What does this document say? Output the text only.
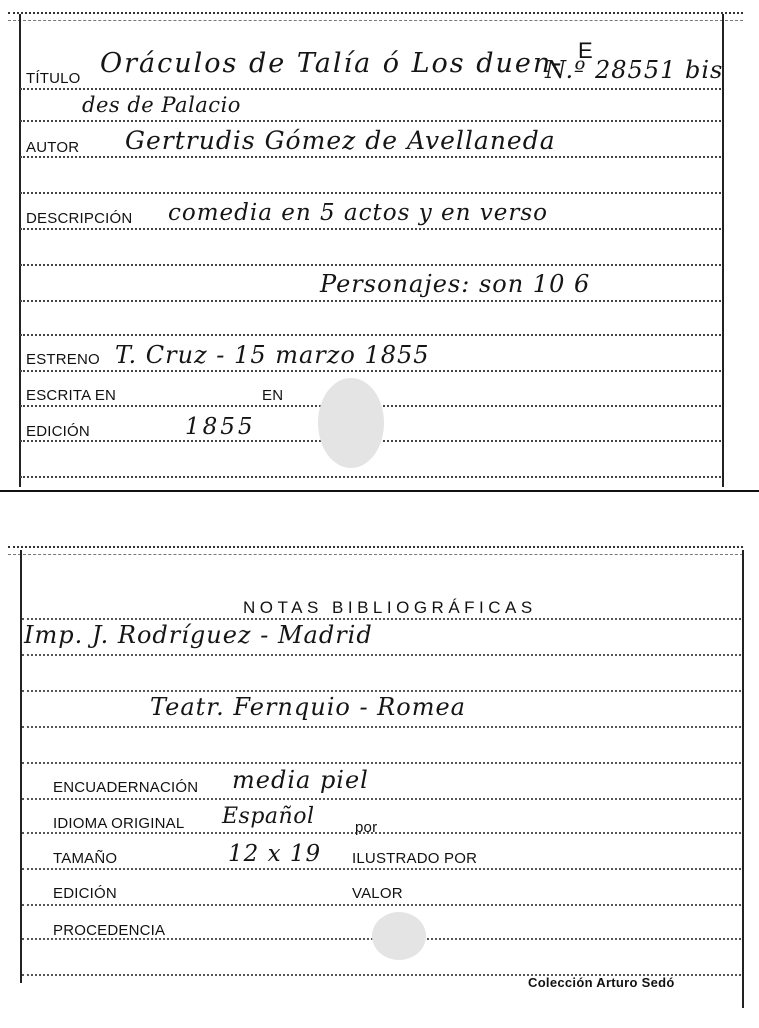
E
TÍTULO Oráculos de Talía ó Los duen-
N.º 28551 bis
des de Palacio
AUTOR Gertrudis Gómez de Avellaneda
DESCRIPCIÓN comedia en 5 actos y en verso
Personajes: son 10 6
ESTRENO T. Cruz - 15 marzo 1855
ESCRITA EN	EN
EDICIÓN	1855
NOTAS BIBLIOGRÁFICAS
Imp. J. Rodríguez - Madrid
Teatr. Fernquio - Romea
ENCUADERNACIÓN media piel
IDIOMA ORIGINAL Español	por
TAMAÑO	12 x 19 ILUSTRADO POR
EDICIÓN	VALOR
PROCEDENCIA
Colección Arturo Sedó
